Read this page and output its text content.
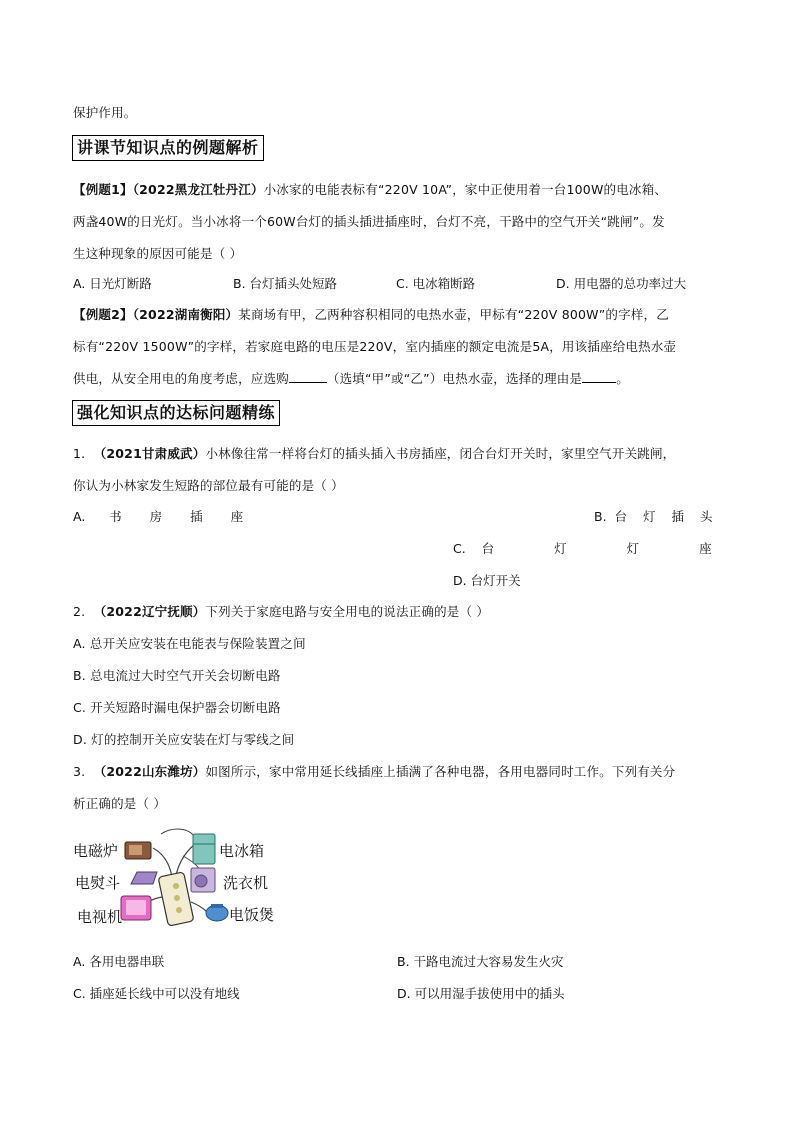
保护作用。
讲课节知识点的例题解析
【例题1】（2022黑龙江牡丹江）小冰家的电能表标有“220V 10A”，家中正使用着一台100W的电冰箱、
两盏40W的日光灯。当小冰将一个60W台灯的插头插进插座时，台灯不亮，干路中的空气开关“跳闸”。发
生这种现象的原因可能是（ ）
A. 日光灯断路	B. 台灯插头处短路	C. 电冰箱断路	D. 用电器的总功率过大
【例题2】（2022湖南衡阳）某商场有甲，乙两种容积相同的电热水壶，甲标有“220V 800W”的字样，乙
标有“220V 1500W”的字样，若家庭电路的电压是220V，室内插座的额定电流是5A，用该插座给电热水壶
供电，从安全用电的角度考虑，应选购	（选填“甲”或“乙”）电热水壶，选择的理由是	。
强化知识点的达标问题精练
1. （2021甘肃威武）小林像往常一样将台灯的插头插入书房插座，闭合台灯开关时，家里空气开关跳闸，
你认为小林家发生短路的部位最有可能的是（ ）
A. 书房插座	B. 台灯插头
C. 台灯灯座
D. 台灯开关
2. （2022辽宁抚顺）下列关于家庭电路与安全用电的说法正确的是（ ）
A. 总开关应安装在电能表与保险装置之间
B. 总电流过大时空气开关会切断电路
C. 开关短路时漏电保护器会切断电路
D. 灯的控制开关应安装在灯与零线之间
3. （2022山东潍坊）如图所示，家中常用延长线插座上插满了各种电器，各用电器同时工作。下列有关分
析正确的是（ ）
电磁炉	电冰箱
电熨斗	洗衣机
电视机	电饭煲
A. 各用电器串联	B. 干路电流过大容易发生火灾
C. 插座延长线中可以没有地线	D. 可以用湿手拔使用中的插头
